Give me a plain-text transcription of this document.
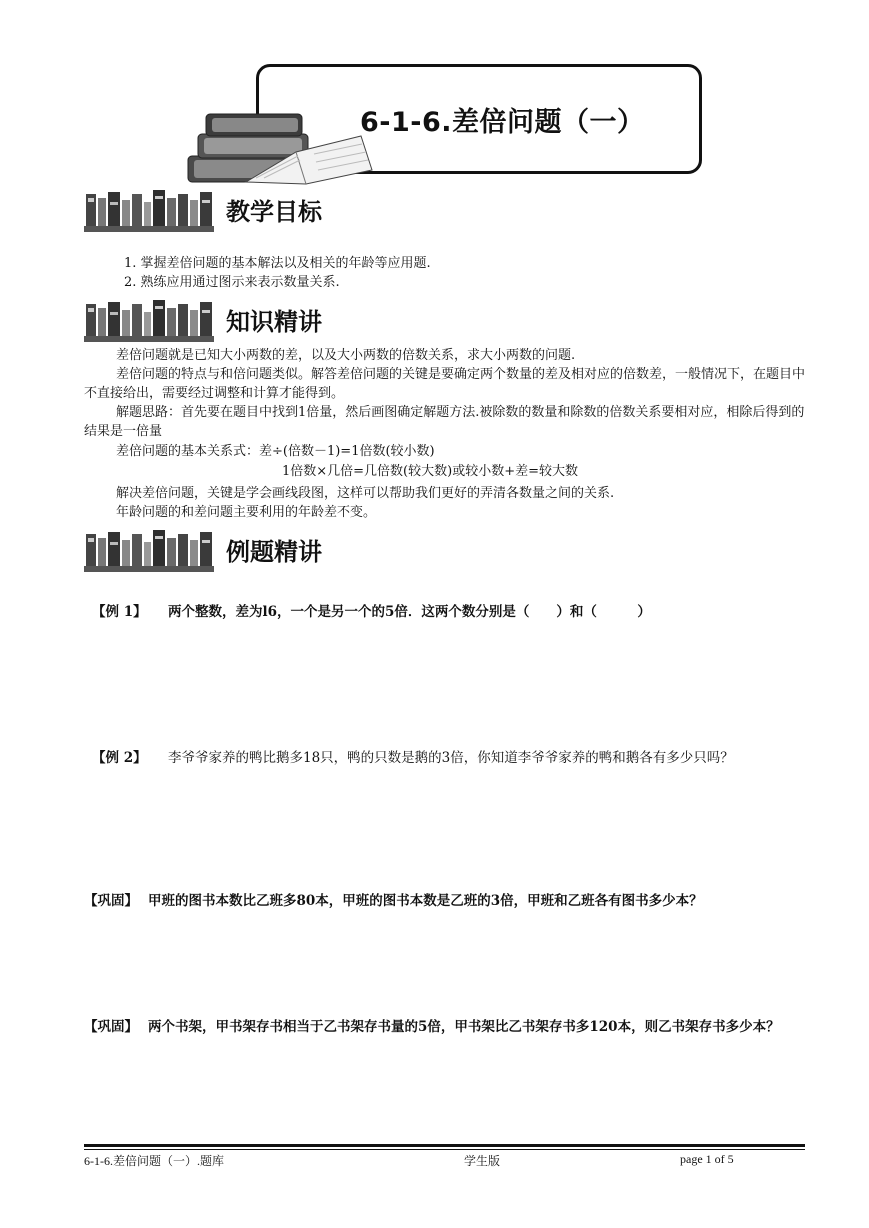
6-1-6.差倍问题（一）
教学目标
1. 掌握差倍问题的基本解法以及相关的年龄等应用题.
2. 熟练应用通过图示来表示数量关系.
知识精讲
差倍问题就是已知大小两数的差，以及大小两数的倍数关系，求大小两数的问题.
差倍问题的特点与和倍问题类似。解答差倍问题的关键是要确定两个数量的差及相对应的倍数差，一般情况下，在题目中不直接给出，需要经过调整和计算才能得到。
解题思路：首先要在题目中找到1倍量，然后画图确定解题方法.被除数的数量和除数的倍数关系要相对应，相除后得到的结果是一倍量
差倍问题的基本关系式：差÷(倍数－1)=1倍数(较小数)
1倍数×几倍=几倍数(较大数)或较小数+差=较大数
解决差倍问题，关键是学会画线段图，这样可以帮助我们更好的弄清各数量之间的关系.
年龄问题的和差问题主要利用的年龄差不变。
例题精讲
【例 1】 两个整数，差为l6，一个是另一个的5倍．这两个数分别是（　　）和（　　　）
【例 2】 李爷爷家养的鸭比鹅多18只，鸭的只数是鹅的3倍，你知道李爷爷家养的鸭和鹅各有多少只吗？
【巩固】 甲班的图书本数比乙班多80本，甲班的图书本数是乙班的3倍，甲班和乙班各有图书多少本？
【巩固】 两个书架，甲书架存书相当于乙书架存书量的5倍，甲书架比乙书架存书多120本，则乙书架存书多少本？
6-1-6.差倍问题（一）.题库	学生版	page 1 of 5
